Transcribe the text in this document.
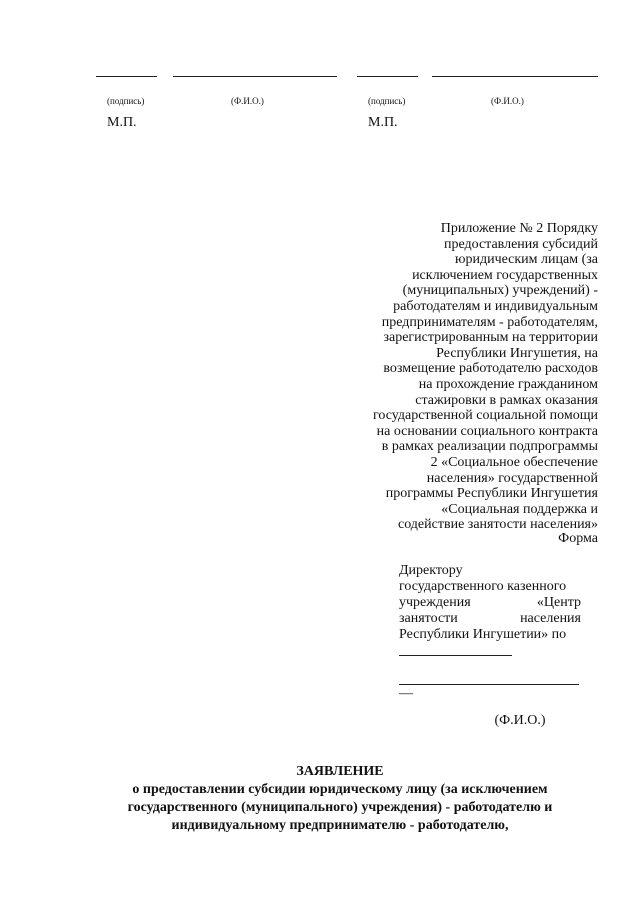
(подпись)	(Ф.И.О.)	(подпись)	(Ф.И.О.)
М.П.	М.П.
Приложение № 2 Порядку
предоставления субсидий
юридическим лицам (за
исключением государственных
(муниципальных) учреждений) -
работодателям и индивидуальным
предпринимателям - работодателям,
зарегистрированным на территории
Республики Ингушетия, на
возмещение работодателю расходов
на прохождение гражданином
стажировки в рамках оказания
государственной социальной помощи
на основании социального контракта
в рамках реализации подпрограммы
2 «Социальное обеспечение
населения» государственной
программы Республики Ингушетия
«Социальная поддержка и
содействие занятости населения»
Форма
Директору
государственного казенного
учреждения	«Центр
занятости	населения
Республики Ингушетии» по
—
(Ф.И.О.)
ЗАЯВЛЕНИЕ
о предоставлении субсидии юридическому лицу (за исключением
государственного (муниципального) учреждения) - работодателю и
индивидуальному предпринимателю - работодателю,
